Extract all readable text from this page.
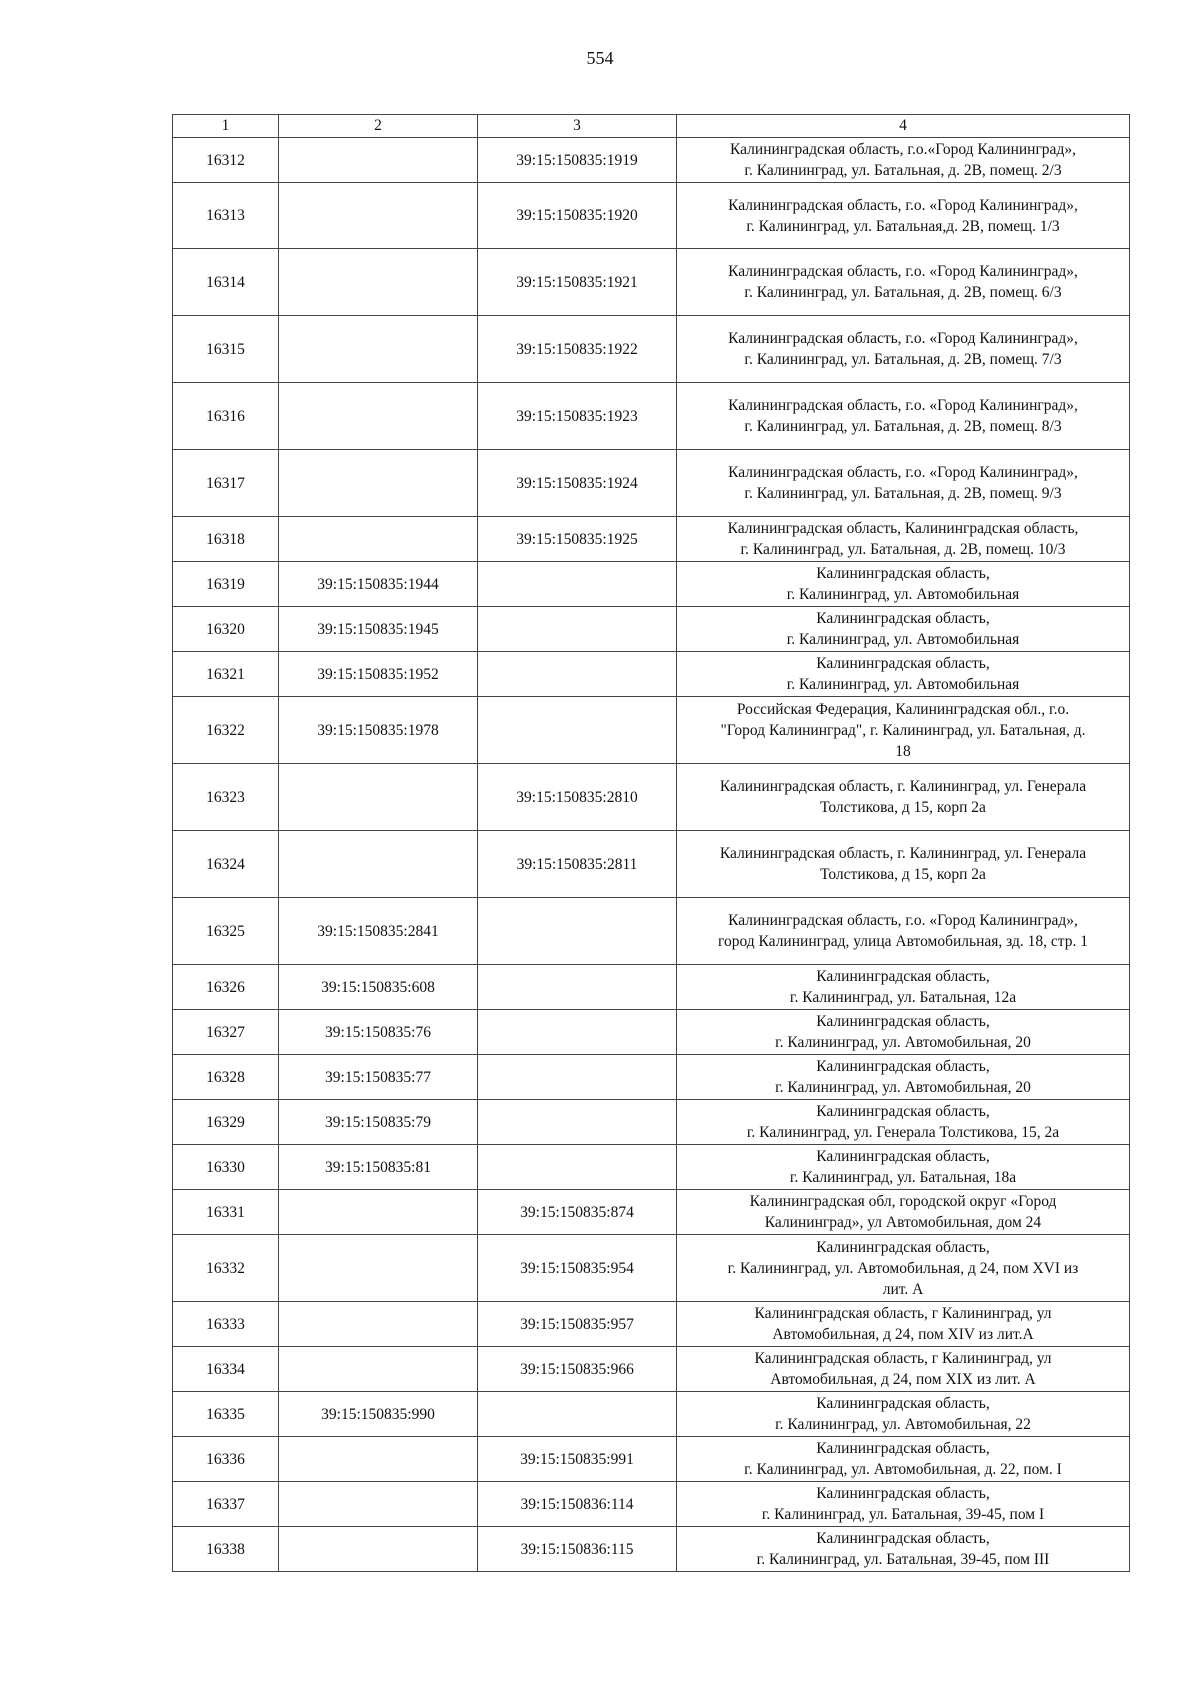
554
1	2	3	4
16312		39:15:150835:1919	Калининградская область, г.о.«Город Калининград»,
г. Калининград, ул. Батальная, д. 2В, помещ. 2/3

16313		39:15:150835:1920	Калининградская область, г.о. «Город Калининград»,
г. Калининград, ул. Батальная,д. 2В, помещ. 1/3

16314		39:15:150835:1921	Калининградская область, г.о. «Город Калининград»,
г. Калининград, ул. Батальная, д. 2В, помещ. 6/3

16315		39:15:150835:1922	Калининградская область, г.о. «Город Калининград»,
г. Калининград, ул. Батальная, д. 2В, помещ. 7/3

16316		39:15:150835:1923	Калининградская область, г.о. «Город Калининград»,
г. Калининград, ул. Батальная, д. 2В, помещ. 8/3

16317		39:15:150835:1924	Калининградская область, г.о. «Город Калининград»,
г. Калининград, ул. Батальная, д. 2В, помещ. 9/3

16318		39:15:150835:1925	Калининградская область, Калининградская область,
г. Калининград, ул. Батальная, д. 2В, помещ. 10/3

16319	39:15:150835:1944		Калининградская область,
г. Калининград, ул. Автомобильная

16320	39:15:150835:1945		Калининградская область,
г. Калининград, ул. Автомобильная

16321	39:15:150835:1952		Калининградская область,
г. Калининград, ул. Автомобильная

16322	39:15:150835:1978		Российская Федерация, Калининградская обл., г.о.
"Город Калининград", г. Калининград, ул. Батальная, д.
18

16323		39:15:150835:2810	Калининградская область, г. Калининград, ул. Генерала
Толстикова, д 15, корп 2а

16324		39:15:150835:2811	Калининградская область, г. Калининград, ул. Генерала
Толстикова, д 15, корп 2а

16325	39:15:150835:2841		Калининградская область, г.о. «Город Калининград»,
город Калининград, улица Автомобильная, зд. 18, стр. 1

16326	39:15:150835:608		Калининградская область,
г. Калининград, ул. Батальная, 12а

16327	39:15:150835:76		Калининградская область,
г. Калининград, ул. Автомобильная, 20

16328	39:15:150835:77		Калининградская область,
г. Калининград, ул. Автомобильная, 20

16329	39:15:150835:79		Калининградская область,
г. Калининград, ул. Генерала Толстикова, 15, 2а

16330	39:15:150835:81		Калининградская область,
г. Калининград, ул. Батальная, 18а

16331		39:15:150835:874	Калининградская обл, городской округ «Город
Калининград», ул Автомобильная, дом 24

16332		39:15:150835:954	Калининградская область,
г. Калининград, ул. Автомобильная, д 24, пом XVI из
лит. А

16333		39:15:150835:957	Калининградская область, г Калининград, ул
Автомобильная, д 24, пом XIV из лит.А

16334		39:15:150835:966	Калининградская область, г Калининград, ул
Автомобильная, д 24, пом XIX из лит. А

16335	39:15:150835:990		Калининградская область,
г. Калининград, ул. Автомобильная, 22

16336		39:15:150835:991	Калининградская область,
г. Калининград, ул. Автомобильная, д. 22, пом. I

16337		39:15:150836:114	Калининградская область,
г. Калининград, ул. Батальная, 39-45, пом I

16338		39:15:150836:115	Калининградская область,
г. Калининград, ул. Батальная, 39-45, пом III
